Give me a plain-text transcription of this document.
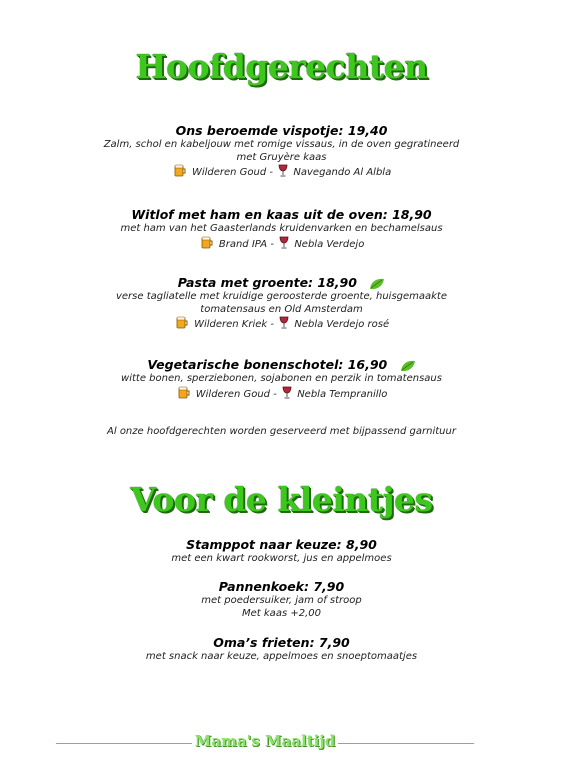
Hoofdgerechten
Ons beroemde vispotje: 19,40
Zalm, schol en kabeljouw met romige vissaus, in de oven gegratineerd
met Gruyère kaas
Wilderen Goud - Navegando Al Albla
Witlof met ham en kaas uit de oven: 18,90
met ham van het Gaasterlands kruidenvarken en bechamelsaus
Brand IPA - Nebla Verdejo
Pasta met groente: 18,90
verse tagliatelle met kruidige geroosterde groente, huisgemaakte
tomatensaus en Old Amsterdam
Wilderen Kriek - Nebla Verdejo rosé
Vegetarische bonenschotel: 16,90
witte bonen, sperziebonen, sojabonen en perzik in tomatensaus
Wilderen Goud - Nebla Tempranillo
Al onze hoofdgerechten worden geserveerd met bijpassend garnituur
Voor de kleintjes
Stamppot naar keuze: 8,90
met een kwart rookworst, jus en appelmoes
Pannenkoek: 7,90
met poedersuiker, jam of stroop
Met kaas +2,00
Oma’s frieten: 7,90
met snack naar keuze, appelmoes en snoeptomaatjes
Mama's Maaltijd
